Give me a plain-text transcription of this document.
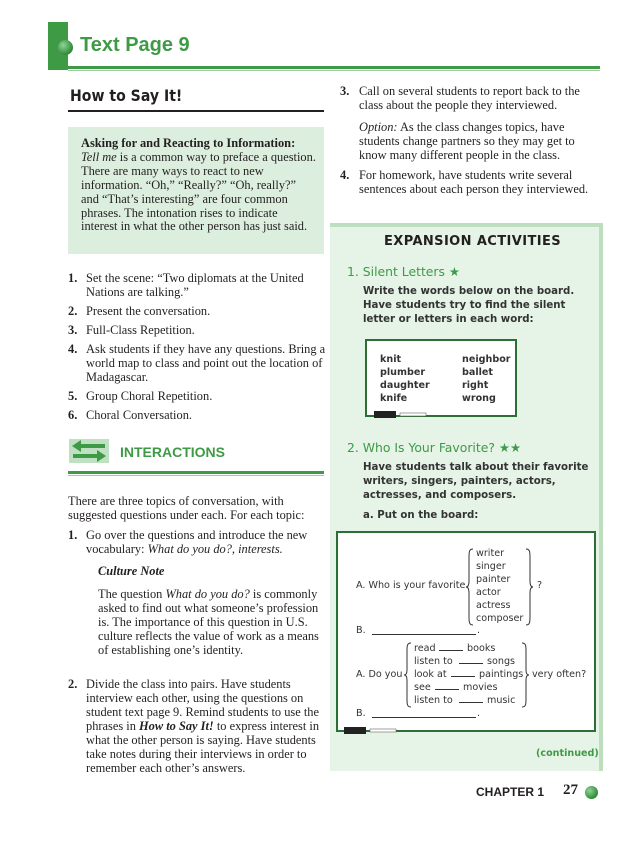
Text Page 9
How to Say It!

Asking for and Reacting to Information: Tell me is a common way to preface a question. There are many ways to react to new information. “Oh,” “Really?” “Oh, really?” and “That’s interesting” are four common phrases. The intonation rises to indicate interest in what the other person has just said.

1. Set the scene: “Two diplomats at the United Nations are talking.”
2. Present the conversation.
3. Full-Class Repetition.
4. Ask students if they have any questions. Bring a world map to class and point out the location of Madagascar.
5. Group Choral Repetition.
6. Choral Conversation.
INTERACTIONS
There are three topics of conversation, with suggested questions under each. For each topic:
1. Go over the questions and introduce the new vocabulary: What do you do?, interests.
Culture Note
The question What do you do? is commonly asked to find out what someone’s profession is. The importance of this question in U.S. culture reflects the value of work as a means of establishing one’s identity.
2. Divide the class into pairs. Have students interview each other, using the questions on student text page 9. Remind students to use the phrases in How to Say It! to express interest in what the other person is saying. Have students take notes during their interviews in order to remember each other’s answers.
3. Call on several students to report back to the class about the people they interviewed.
Option: As the class changes topics, have students change partners so they may get to know many different people in the class.
4. For homework, have students write several sentences about each person they interviewed.
EXPANSION ACTIVITIES
1. Silent Letters ★
Write the words below on the board. Have students try to find the silent letter or letters in each word:
knit
plumber
daughter
knife
neighbor
ballet
right
wrong
2. Who Is Your Favorite? ★★
Have students talk about their favorite writers, singers, painters, actors, actresses, and composers.
a. Put on the board:
A. Who is your favorite
writer
singer
painter
actor
actress
composer
?
B.	.
A. Do you
read
listen to
look at
see
listen to
books
songs
paintings
movies
music
very often?
B.	.
(continued)
CHAPTER 1 27
